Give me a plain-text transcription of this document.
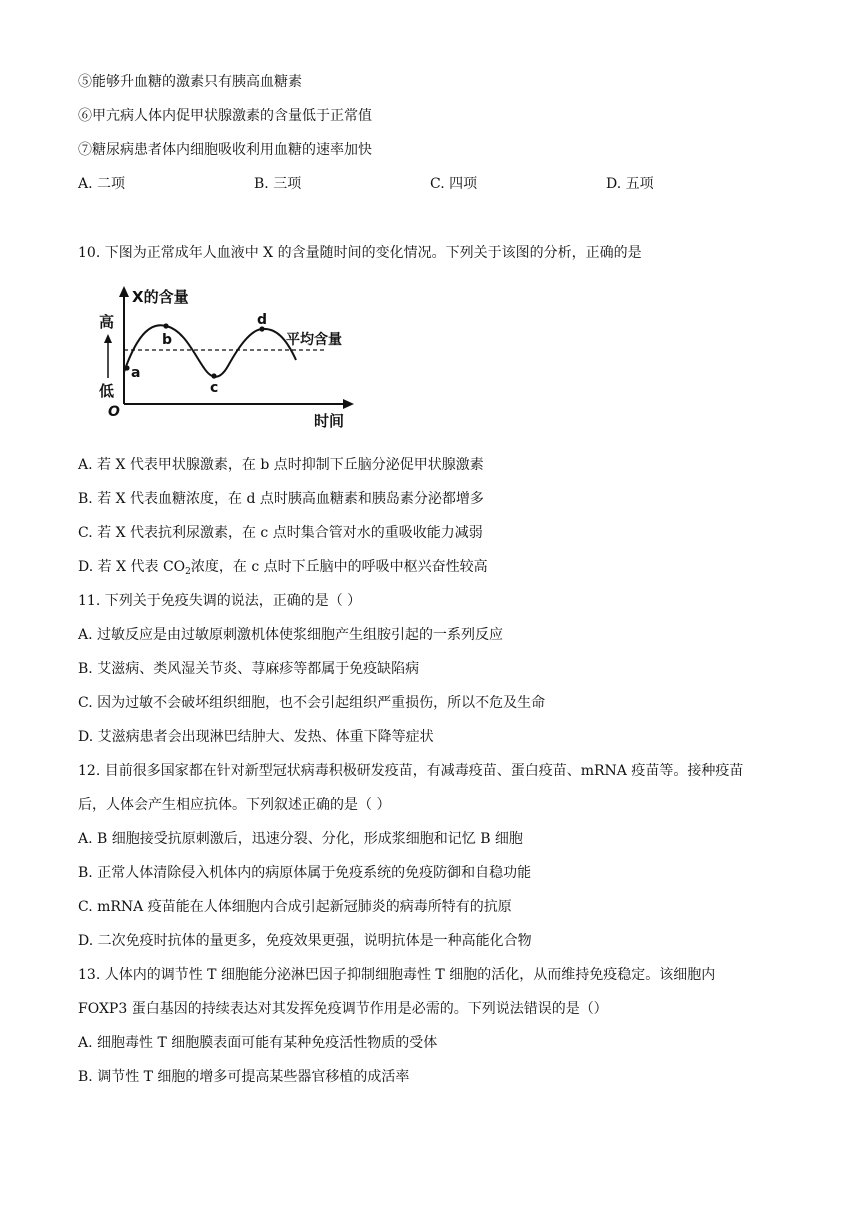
⑤能够升血糖的激素只有胰高血糖素
⑥甲亢病人体内促甲状腺激素的含量低于正常值
⑦糖尿病患者体内细胞吸收利用血糖的速率加快
A. 二项	B. 三项	C. 四项	D. 五项
10. 下图为正常成年人血液中 X 的含量随时间的变化情况。下列关于该图的分析，正确的是
X的含量
高
低
O	时间
平均含量
a
b
c
d
A. 若 X 代表甲状腺激素，在 b 点时抑制下丘脑分泌促甲状腺激素
B. 若 X 代表血糖浓度，在 d 点时胰高血糖素和胰岛素分泌都增多
C. 若 X 代表抗利尿激素，在 c 点时集合管对水的重吸收能力减弱
D. 若 X 代表 $CO_2$浓度，在 c 点时下丘脑中的呼吸中枢兴奋性较高
11. 下列关于免疫失调的说法，正确的是（ ）
A. 过敏反应是由过敏原刺激机体使浆细胞产生组胺引起的一系列反应
B. 艾滋病、类风湿关节炎、荨麻疹等都属于免疫缺陷病
C. 因为过敏不会破坏组织细胞，也不会引起组织严重损伤，所以不危及生命
D. 艾滋病患者会出现淋巴结肿大、发热、体重下降等症状
12. 目前很多国家都在针对新型冠状病毒积极研发疫苗，有减毒疫苗、蛋白疫苗、mRNA 疫苗等。接种疫苗
后，人体会产生相应抗体。下列叙述正确的是（ ）
A. B 细胞接受抗原刺激后，迅速分裂、分化，形成浆细胞和记忆 B 细胞
B. 正常人体清除侵入机体内的病原体属于免疫系统的免疫防御和自稳功能
C. mRNA 疫苗能在人体细胞内合成引起新冠肺炎的病毒所特有的抗原
D. 二次免疫时抗体的量更多，免疫效果更强，说明抗体是一种高能化合物
13. 人体内的调节性 T 细胞能分泌淋巴因子抑制细胞毒性 T 细胞的活化，从而维持免疫稳定。该细胞内
FOXP3 蛋白基因的持续表达对其发挥免疫调节作用是必需的。下列说法错误的是（）
A. 细胞毒性 T 细胞膜表面可能有某种免疫活性物质的受体
B. 调节性 T 细胞的增多可提高某些器官移植的成活率
